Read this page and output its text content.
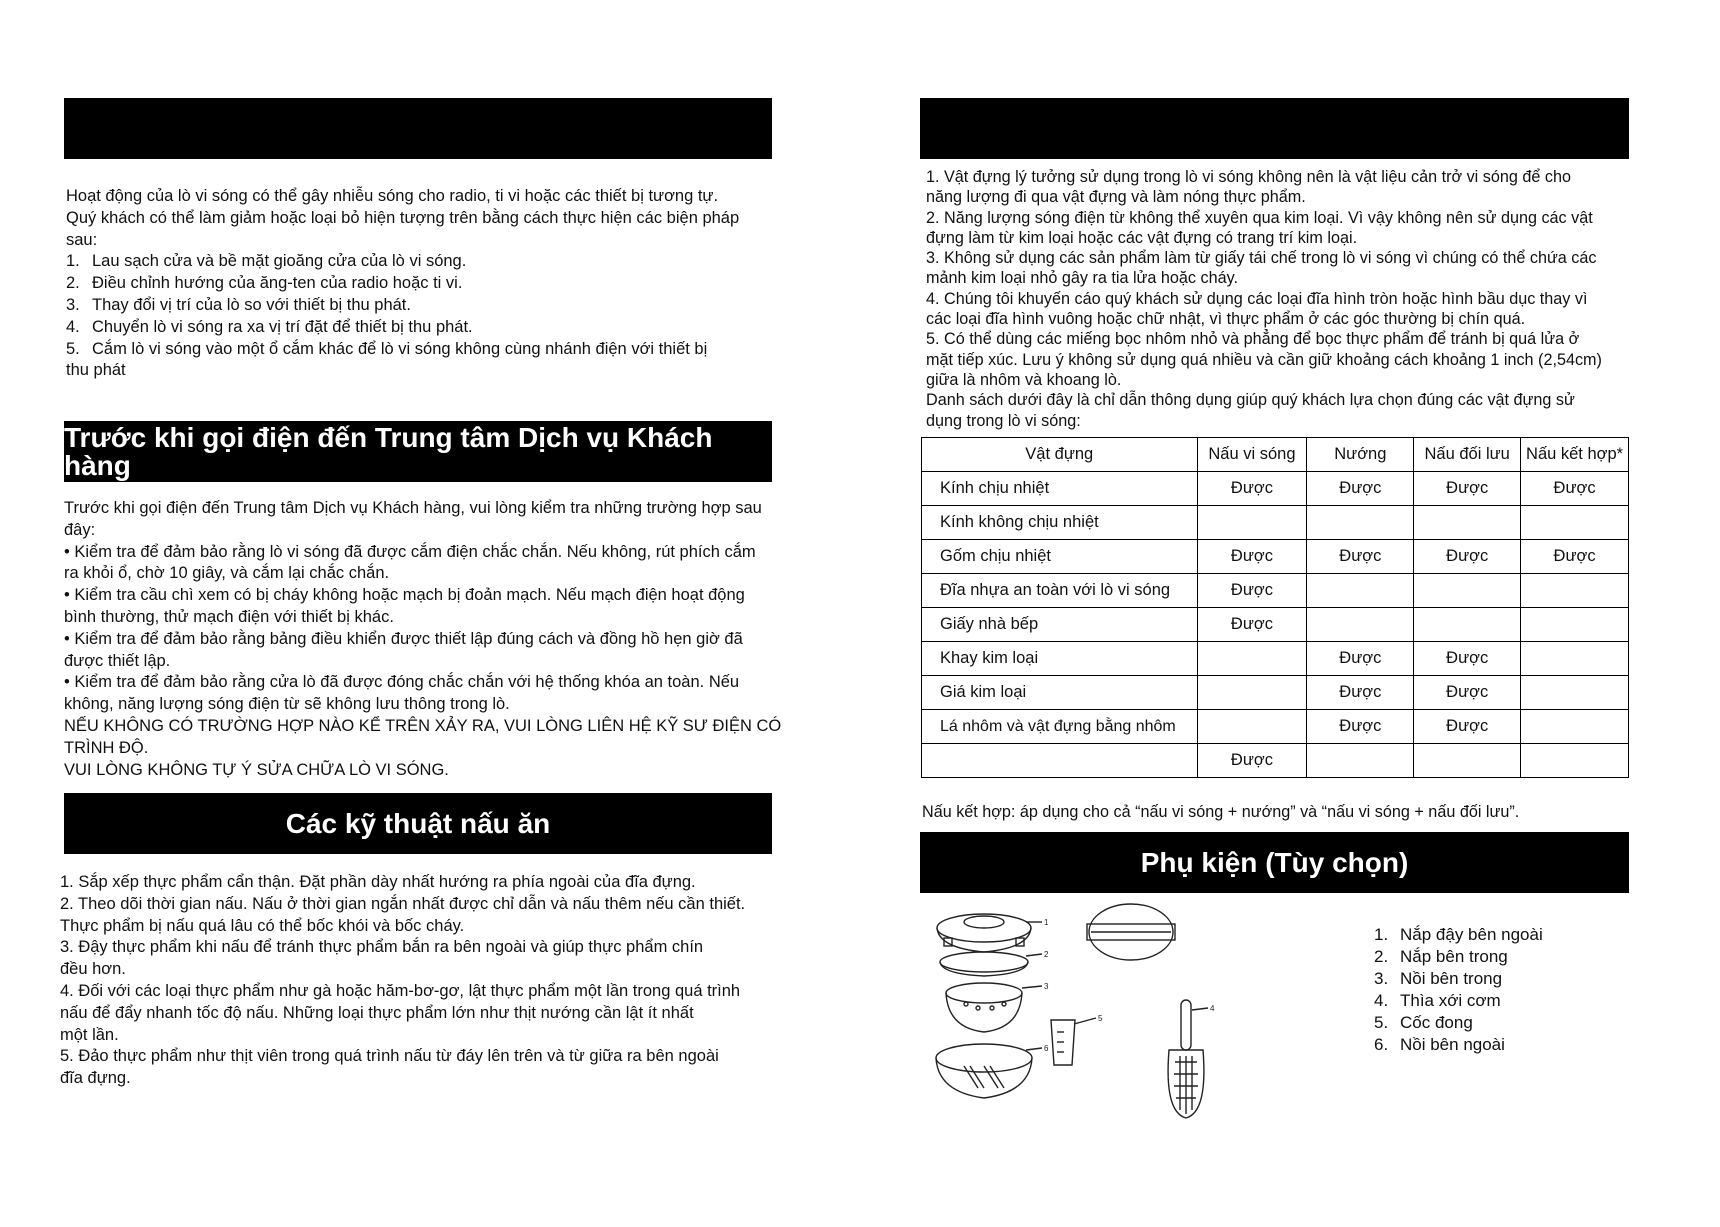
Hoạt động của lò vi sóng có thể gây nhiễu sóng cho radio, ti vi hoặc các thiết bị tương tự.

Quý khách có thể làm giảm hoặc loại bỏ hiện tượng trên bằng cách thực hiện các biện pháp

sau:

1. Lau sạch cửa và bề mặt gioăng cửa của lò vi sóng.

2. Điều chỉnh hướng của ăng-ten của radio hoặc ti vi.

3. Thay đổi vị trí của lò so với thiết bị thu phát.

4. Chuyển lò vi sóng ra xa vị trí đặt để thiết bị thu phát.

5. Cắm lò vi sóng vào một ổ cắm khác để lò vi sóng không cùng nhánh điện với thiết bị

thu phát

Trước khi gọi điện đến Trung tâm Dịch vụ Khách hàng

Trước khi gọi điện đến Trung tâm Dịch vụ Khách hàng, vui lòng kiểm tra những trường hợp sau

đây:

• Kiểm tra để đảm bảo rằng lò vi sóng đã được cắm điện chắc chắn. Nếu không, rút phích cắm

ra khỏi ổ, chờ 10 giây, và cắm lại chắc chắn.

• Kiểm tra cầu chì xem có bị cháy không hoặc mạch bị đoản mạch. Nếu mạch điện hoạt động

bình thường, thử mạch điện với thiết bị khác.

• Kiểm tra để đảm bảo rằng bảng điều khiển được thiết lập đúng cách và đồng hồ hẹn giờ đã

được thiết lập.

• Kiểm tra để đảm bảo rằng cửa lò đã được đóng chắc chắn với hệ thống khóa an toàn. Nếu

không, năng lượng sóng điện từ sẽ không lưu thông trong lò.

NẾU KHÔNG CÓ TRƯỜNG HỢP NÀO KỂ TRÊN XẢY RA, VUI LÒNG LIÊN HỆ KỸ SƯ ĐIỆN CÓ

TRÌNH ĐỘ.

VUI LÒNG KHÔNG TỰ Ý SỬA CHỮA LÒ VI SÓNG.

Các kỹ thuật nấu ăn

1. Sắp xếp thực phẩm cẩn thận. Đặt phần dày nhất hướng ra phía ngoài của đĩa đựng.

2. Theo dõi thời gian nấu. Nấu ở thời gian ngắn nhất được chỉ dẫn và nấu thêm nếu cần thiết.

Thực phẩm bị nấu quá lâu có thể bốc khói và bốc cháy.

3. Đậy thực phẩm khi nấu để tránh thực phẩm bắn ra bên ngoài và giúp thực phẩm chín

đều hơn.

4. Đối với các loại thực phẩm như gà hoặc hăm-bơ-gơ, lật thực phẩm một lần trong quá trình

nấu để đẩy nhanh tốc độ nấu. Những loại thực phẩm lớn như thịt nướng cần lật ít nhất

một lần.

5. Đảo thực phẩm như thịt viên trong quá trình nấu từ đáy lên trên và từ giữa ra bên ngoài

đĩa đựng.

1. Vật đựng lý tưởng sử dụng trong lò vi sóng không nên là vật liệu cản trở vi sóng để cho

năng lượng đi qua vật đựng và làm nóng thực phẩm.

2. Năng lượng sóng điện từ không thể xuyên qua kim loại. Vì vậy không nên sử dụng các vật

đựng làm từ kim loại hoặc các vật đựng có trang trí kim loại.

3. Không sử dụng các sản phẩm làm từ giấy tái chế trong lò vi sóng vì chúng có thể chứa các

mảnh kim loại nhỏ gây ra tia lửa hoặc cháy.

4. Chúng tôi khuyến cáo quý khách sử dụng các loại đĩa hình tròn hoặc hình bầu dục thay vì

các loại đĩa hình vuông hoặc chữ nhật, vì thực phẩm ở các góc thường bị chín quá.

5. Có thể dùng các miếng bọc nhôm nhỏ và phẳng để bọc thực phẩm để tránh bị quá lửa ở

mặt tiếp xúc. Lưu ý không sử dụng quá nhiều và cần giữ khoảng cách khoảng 1 inch (2,54cm)

giữa là nhôm và khoang lò.

Danh sách dưới đây là chỉ dẫn thông dụng giúp quý khách lựa chọn đúng các vật đựng sử

dụng trong lò vi sóng:

Vật đựng	Nấu vi sóng	Nướng	Nấu đối lưu	Nấu kết hợp*
Kính chịu nhiệt	Được	Được	Được	Được
Kính không chịu nhiệt				
Gốm chịu nhiệt	Được	Được	Được	Được
Đĩa nhựa an toàn với lò vi sóng	Được			
Giấy nhà bếp	Được			
Khay kim loại		Được	Được	
Giá kim loại		Được	Được	
Lá nhôm và vật đựng bằng nhôm		Được	Được	
	Được			
Nấu kết hợp: áp dụng cho cả “nấu vi sóng + nướng” và “nấu vi sóng + nấu đối lưu”.
Phụ kiện (Tùy chọn)
1
2
3
4
5
6
1. Nắp đậy bên ngoài
2. Nắp bên trong
3. Nồi bên trong
4. Thìa xới cơm
5. Cốc đong
6. Nồi bên ngoài
